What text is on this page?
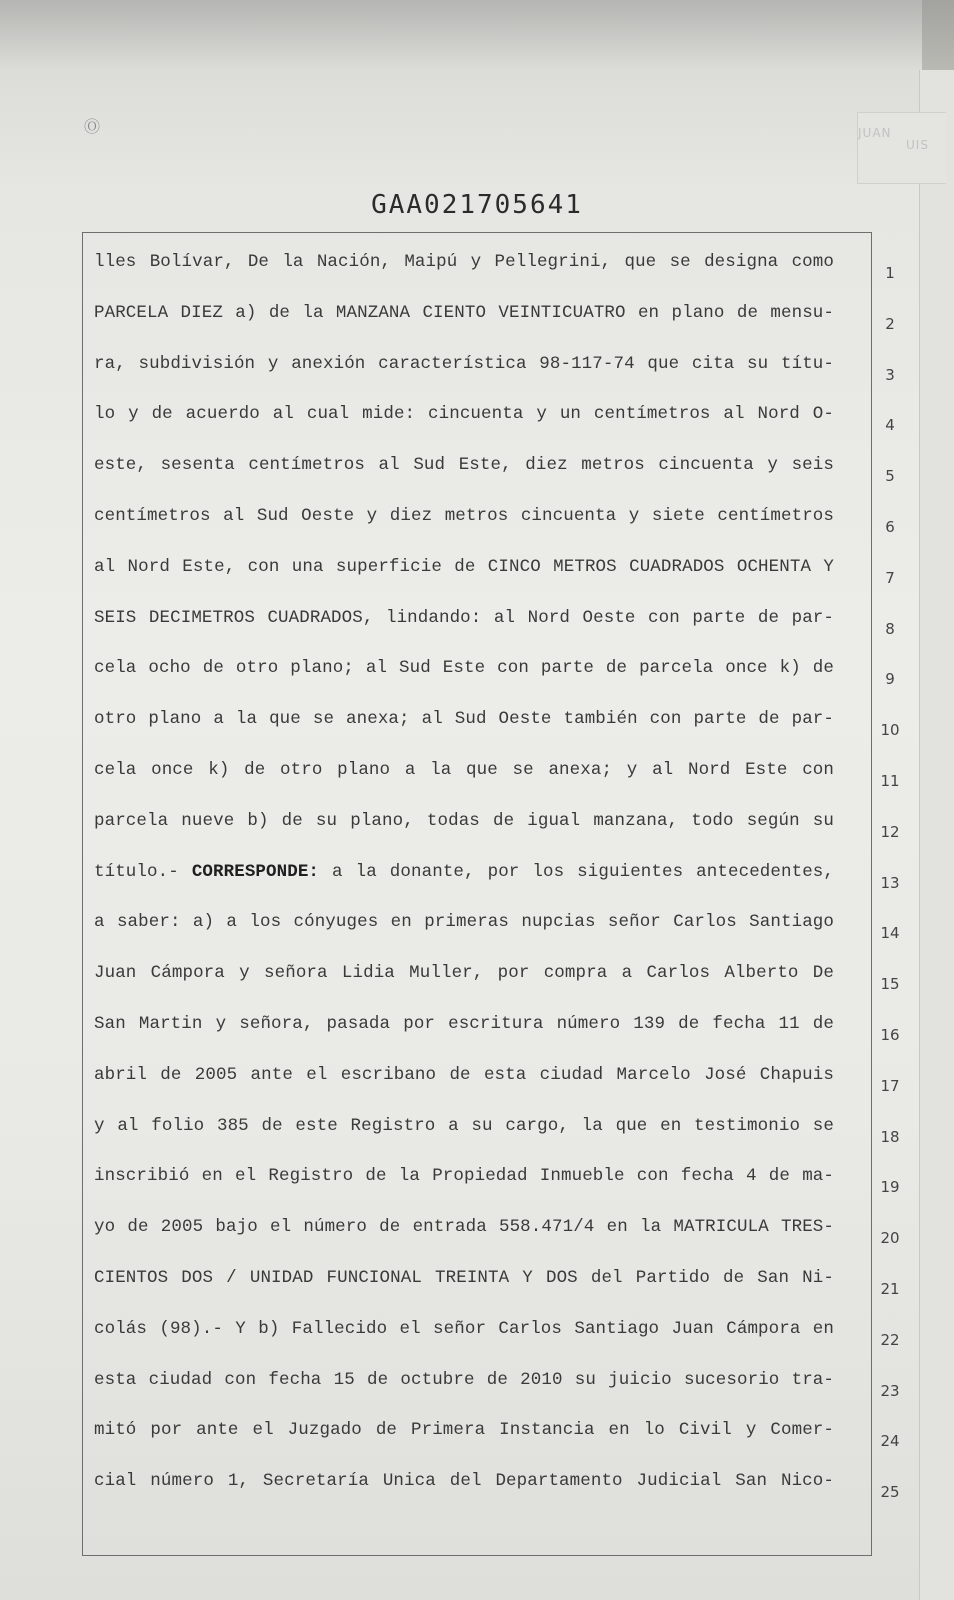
JUAN
UIS
Ⓞ
GAA021705641
lles Bolívar, De la Nación, Maipú y Pellegrini, que se designa como
PARCELA DIEZ a) de la MANZANA CIENTO VEINTICUATRO en plano de mensu-
ra, subdivisión y anexión característica 98-117-74 que cita su títu-
lo y de acuerdo al cual mide: cincuenta y un centímetros al Nord O-
este, sesenta centímetros al Sud Este, diez metros cincuenta y seis
centímetros al Sud Oeste y diez metros cincuenta y siete centímetros
al Nord Este, con una superficie de CINCO METROS CUADRADOS OCHENTA Y
SEIS DECIMETROS CUADRADOS, lindando: al Nord Oeste con parte de par-
cela ocho de otro plano; al Sud Este con parte de parcela once k) de
otro plano a la que se anexa; al Sud Oeste también con parte de par-
cela once k) de otro plano a la que se anexa; y al Nord Este con
parcela nueve b) de su plano, todas de igual manzana, todo según su
título.- CORRESPONDE: a la donante, por los siguientes antecedentes,
a saber: a) a los cónyuges en primeras nupcias señor Carlos Santiago
Juan Cámpora y señora Lidia Muller, por compra a Carlos Alberto De
San Martin y señora, pasada por escritura número 139 de fecha 11 de
abril de 2005 ante el escribano de esta ciudad Marcelo José Chapuis
y al folio 385 de este Registro a su cargo, la que en testimonio se
inscribió en el Registro de la Propiedad Inmueble con fecha 4 de ma-
yo de 2005 bajo el número de entrada 558.471/4 en la MATRICULA TRES-
CIENTOS DOS / UNIDAD FUNCIONAL TREINTA Y DOS del Partido de San Ni-
colás (98).- Y b) Fallecido el señor Carlos Santiago Juan Cámpora en
esta ciudad con fecha 15 de octubre de 2010 su juicio sucesorio tra-
mitó por ante el Juzgado de Primera Instancia en lo Civil y Comer-
cial número 1, Secretaría Unica del Departamento Judicial San Nico-
1
2
3
4
5
6
7
8
9
10
11
12
13
14
15
16
17
18
19
20
21
22
23
24
25
